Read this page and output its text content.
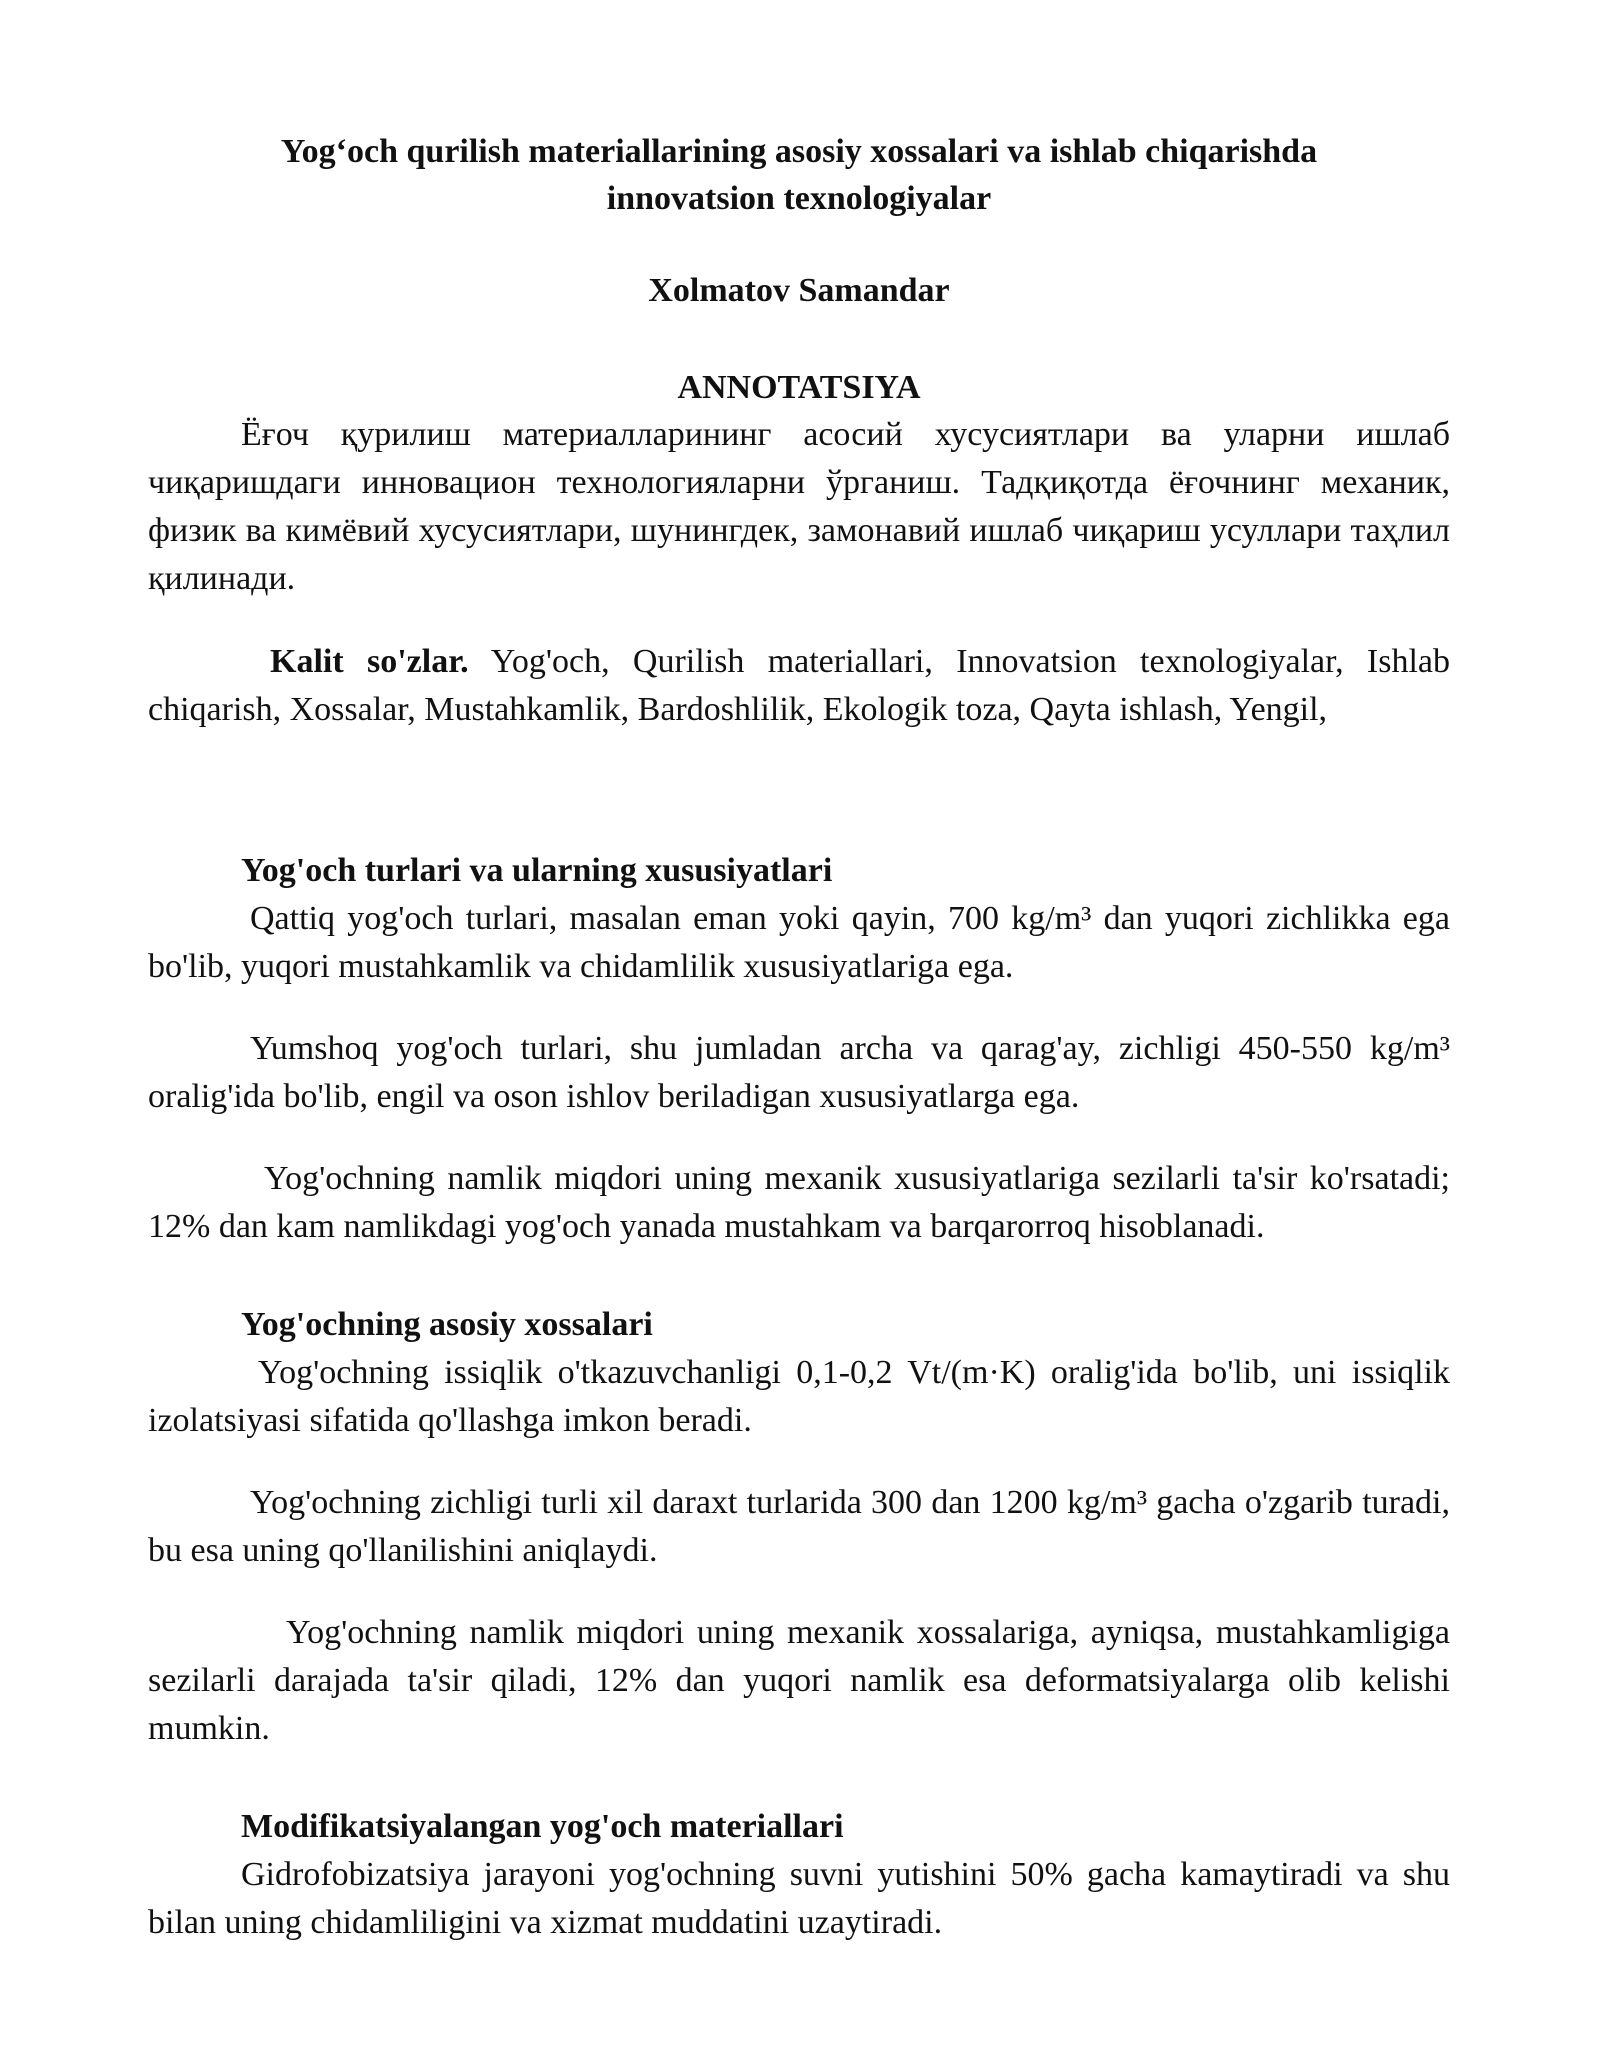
Yog‘och qurilish materiallarining asosiy xossalari va ishlab chiqarishda
innovatsion texnologiyalar
Xolmatov Samandar
ANNOTATSIYA

Ёғоч қурилиш материалларининг асосий хусусиятлари ва уларни ишлаб чиқаришдаги инновацион технологияларни ўрганиш. Тадқиқотда ёғочнинг механик, физик ва кимёвий хусусиятлари, шунингдек, замонавий ишлаб чиқариш усуллари таҳлил қилинади.

Kalit so'zlar. Yog'och, Qurilish materiallari, Innovatsion texnologiyalar, Ishlab chiqarish, Xossalar, Mustahkamlik, Bardoshlilik, Ekologik toza, Qayta ishlash, Yengil,

Yog'och turlari va ularning xususiyatlari

Qattiq yog'och turlari, masalan eman yoki qayin, 700 kg/m³ dan yuqori zichlikka ega bo'lib, yuqori mustahkamlik va chidamlilik xususiyatlariga ega.

Yumshoq yog'och turlari, shu jumladan archa va qarag'ay, zichligi 450-550 kg/m³ oralig'ida bo'lib, engil va oson ishlov beriladigan xususiyatlarga ega.

Yog'ochning namlik miqdori uning mexanik xususiyatlariga sezilarli ta'sir ko'rsatadi; 12% dan kam namlikdagi yog'och yanada mustahkam va barqarorroq hisoblanadi.

Yog'ochning asosiy xossalari

Yog'ochning issiqlik o'tkazuvchanligi 0,1-0,2 Vt/(m·K) oralig'ida bo'lib, uni issiqlik izolatsiyasi sifatida qo'llashga imkon beradi.

Yog'ochning zichligi turli xil daraxt turlarida 300 dan 1200 kg/m³ gacha o'zgarib turadi, bu esa uning qo'llanilishini aniqlaydi.

Yog'ochning namlik miqdori uning mexanik xossalariga, ayniqsa, mustahkamligiga sezilarli darajada ta'sir qiladi, 12% dan yuqori namlik esa deformatsiyalarga olib kelishi mumkin.

Modifikatsiyalangan yog'och materiallari

Gidrofobizatsiya jarayoni yog'ochning suvni yutishini 50% gacha kamaytiradi va shu bilan uning chidamliligini va xizmat muddatini uzaytiradi.
